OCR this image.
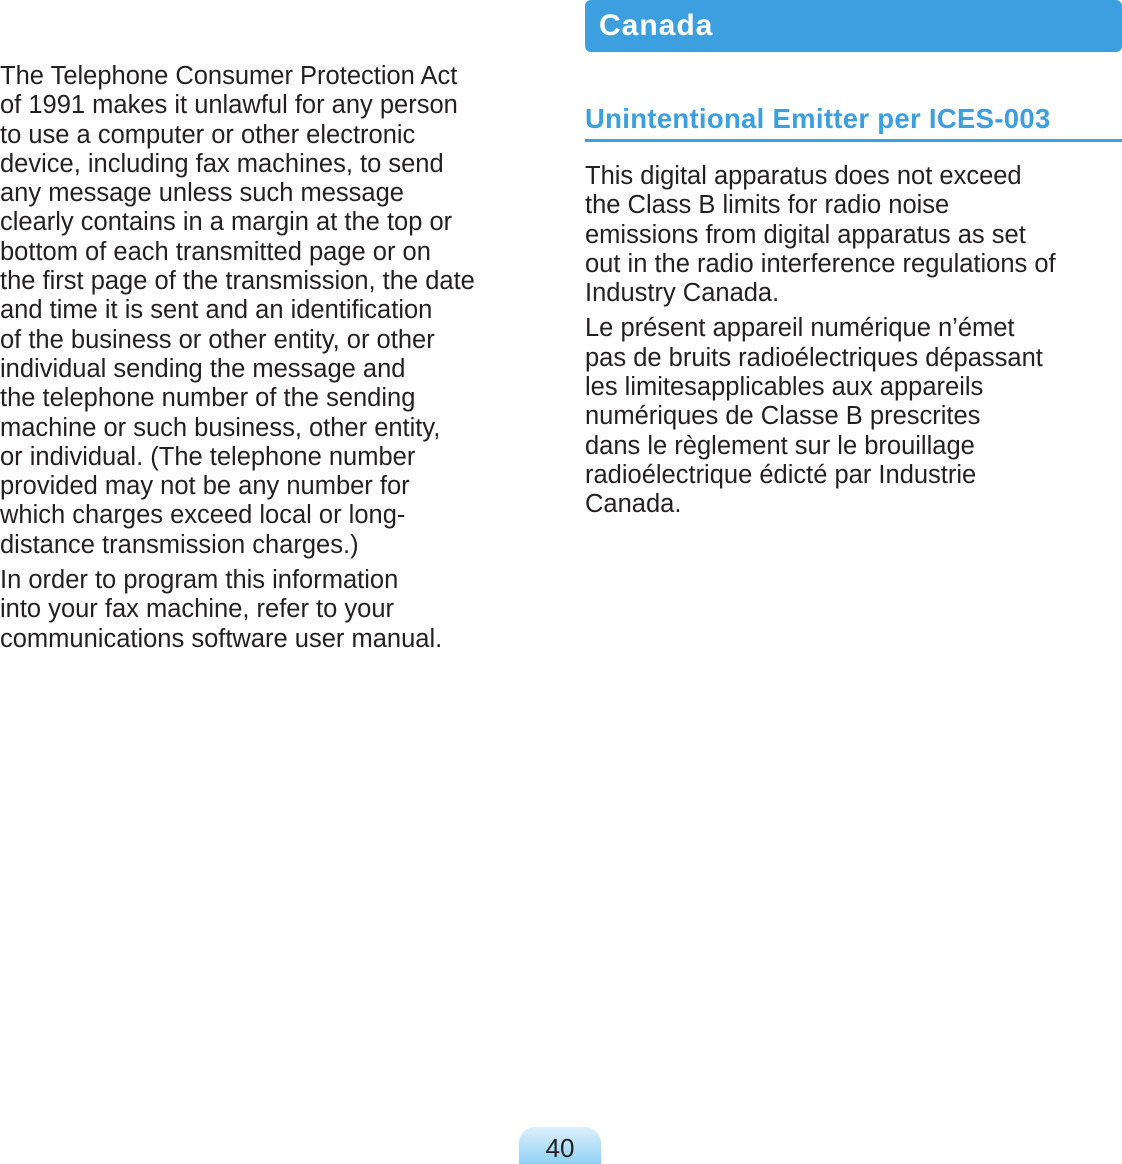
The Telephone Consumer Protection Act
of 1991 makes it unlawful for any person
to use a computer or other electronic
device, including fax machines, to send
any message unless such message
clearly contains in a margin at the top or
bottom of each transmitted page or on
the first page of the transmission, the date
and time it is sent and an identification
of the business or other entity, or other
individual sending the message and
the telephone number of the sending
machine or such business, other entity,
or individual. (The telephone number
provided may not be any number for
which charges exceed local or long-
distance transmission charges.)

In order to program this information
into your fax machine, refer to your
communications software user manual.

Canada
Unintentional Emitter per ICES-003

This digital apparatus does not exceed
the Class B limits for radio noise
emissions from digital apparatus as set
out in the radio interference regulations of
Industry Canada.

Le présent appareil numérique n’émet
pas de bruits radioélectriques dépassant
les limitesapplicables aux appareils
numériques de Classe B prescrites
dans le règlement sur le brouillage
radioélectrique édicté par Industrie
Canada.

40
